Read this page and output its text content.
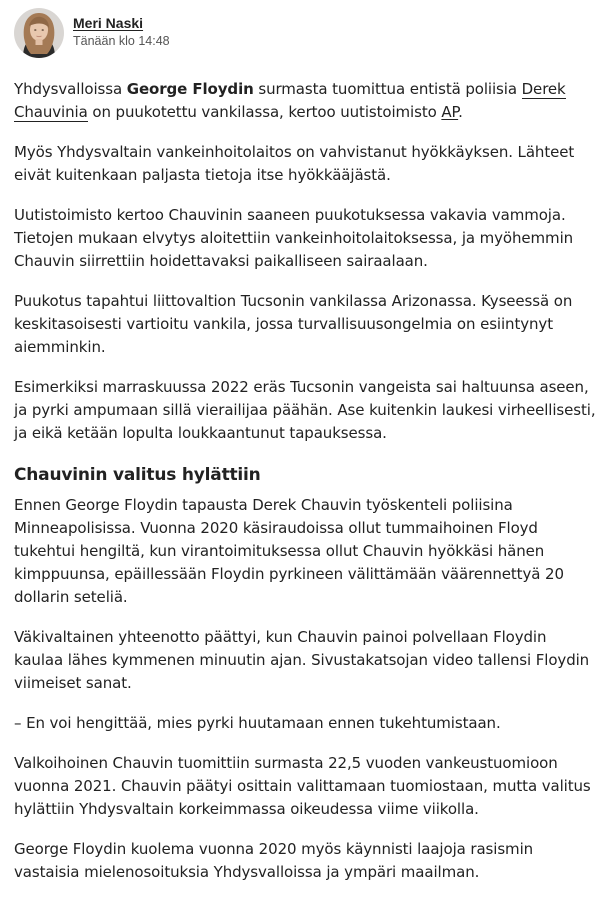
Meri Naski
Tänään klo 14:48

Yhdysvalloissa George Floydin surmasta tuomittua entistä poliisia Derek Chauvinia on puukotettu vankilassa, kertoo uutistoimisto AP.

Myös Yhdysvaltain vankeinhoitolaitos on vahvistanut hyökkäyksen. Lähteet eivät kuitenkaan paljasta tietoja itse hyökkääjästä.

Uutistoimisto kertoo Chauvinin saaneen puukotuksessa vakavia vammoja. Tietojen mukaan elvytys aloitettiin vankeinhoitolaitoksessa, ja myöhemmin Chauvin siirrettiin hoidettavaksi paikalliseen sairaalaan.

Puukotus tapahtui liittovaltion Tucsonin vankilassa Arizonassa. Kyseessä on keskitasoisesti vartioitu vankila, jossa turvallisuusongelmia on esiintynyt aiemminkin.

Esimerkiksi marraskuussa 2022 eräs Tucsonin vangeista sai haltuunsa aseen, ja pyrki ampumaan sillä vierailijaa päähän. Ase kuitenkin laukesi virheellisesti, ja eikä ketään lopulta loukkaantunut tapauksessa.

Chauvinin valitus hylättiin

Ennen George Floydin tapausta Derek Chauvin työskenteli poliisina Minneapolisissa. Vuonna 2020 käsiraudoissa ollut tummaihoinen Floyd tukehtui hengiltä, kun virantoimituksessa ollut Chauvin hyökkäsi hänen kimppuunsa, epäillessään Floydin pyrkineen välittämään väärennettyä 20 dollarin seteliä.

Väkivaltainen yhteenotto päättyi, kun Chauvin painoi polvellaan Floydin kaulaa lähes kymmenen minuutin ajan. Sivustakatsojan video tallensi Floydin viimeiset sanat.

– En voi hengittää, mies pyrki huutamaan ennen tukehtumistaan.

Valkoihoinen Chauvin tuomittiin surmasta 22,5 vuoden vankeustuomioon vuonna 2021. Chauvin päätyi osittain valittamaan tuomiostaan, mutta valitus hylättiin Yhdysvaltain korkeimmassa oikeudessa viime viikolla.

George Floydin kuolema vuonna 2020 myös käynnisti laajoja rasismin vastaisia mielenosoituksia Yhdysvalloissa ja ympäri maailman.
